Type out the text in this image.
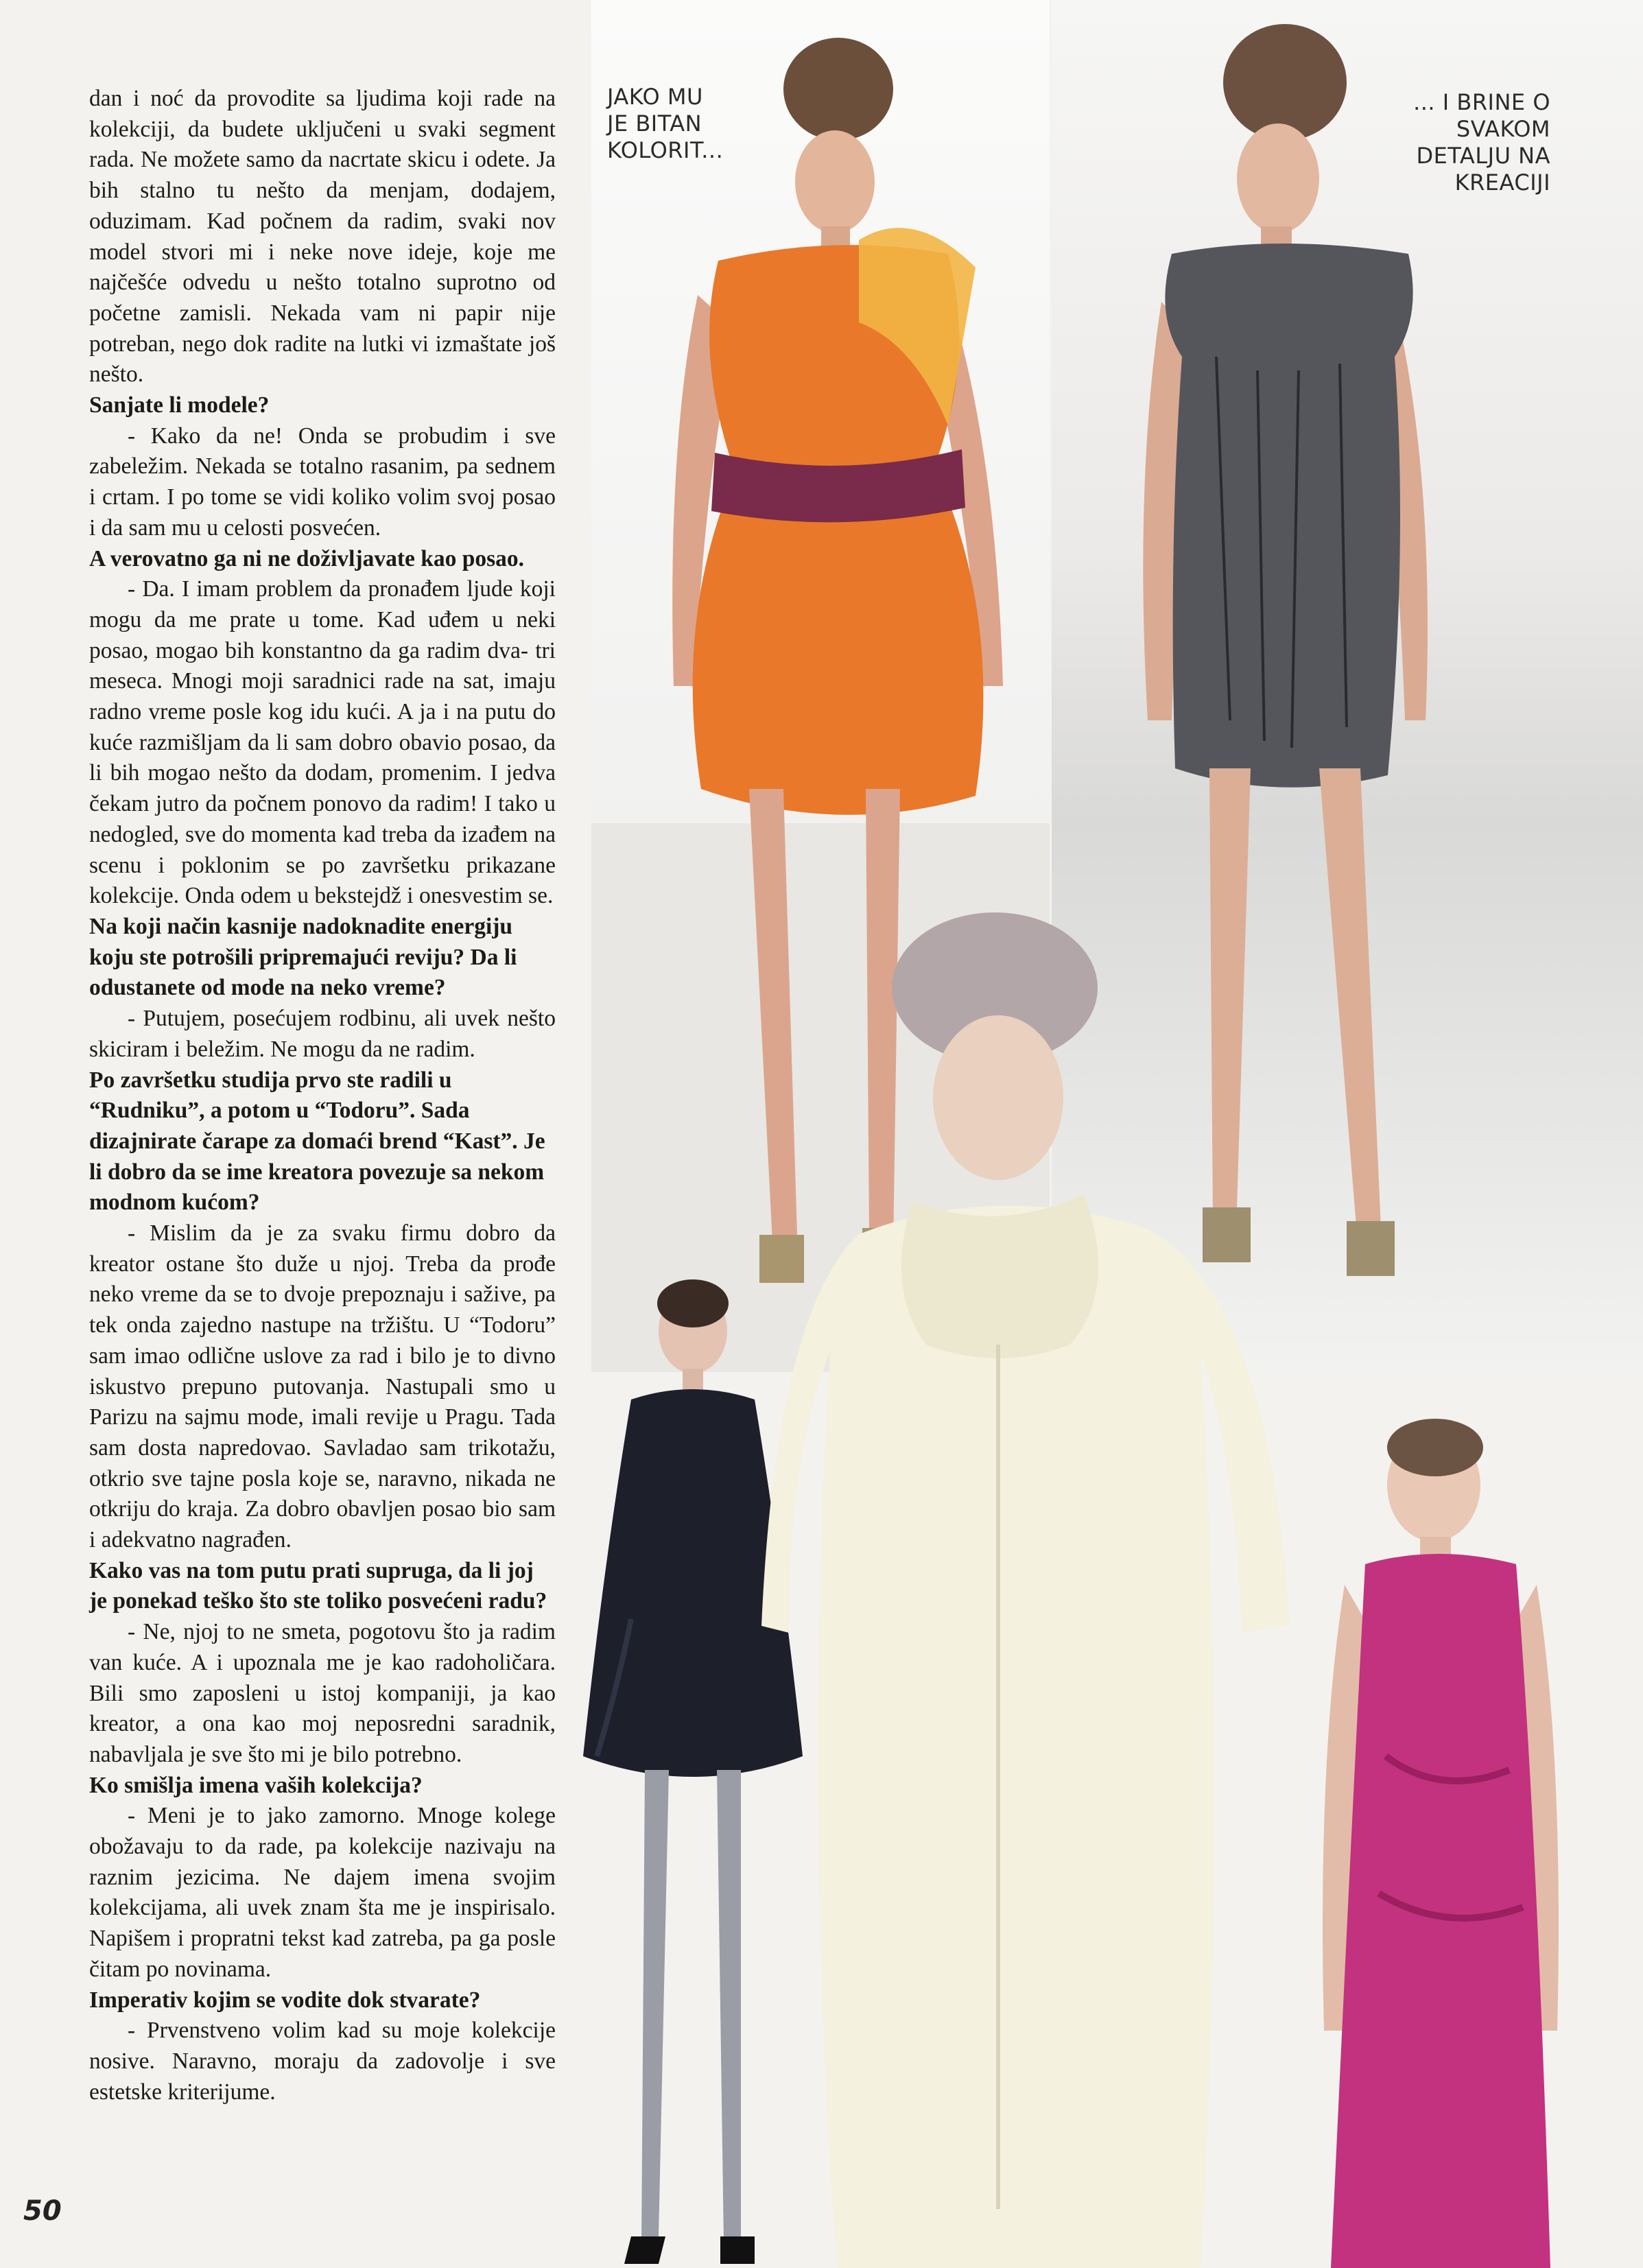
JAKO MU
JE BITAN
KOLORIT...
... I BRINE O
SVAKOM
DETALJU NA
KREACIJI

dan i noć da provodite sa ljudima koji rade na kolekciji, da budete uključeni u svaki segment rada. Ne možete samo da nacrtate skicu i odete. Ja bih stalno tu nešto da menjam, dodajem, oduzimam. Kad počnem da radim, svaki nov model stvori mi i neke nove ideje, koje me najčešće odvedu u nešto totalno suprotno od početne zamisli. Nekada vam ni papir nije potreban, nego dok radite na lutki vi izmaštate još nešto.

Sanjate li modele?

- Kako da ne! Onda se probudim i sve zabeležim. Nekada se totalno rasanim, pa sednem i crtam. I po tome se vidi koliko volim svoj posao i da sam mu u celosti posvećen.

A verovatno ga ni ne doživljavate kao posao.

- Da. I imam problem da pronađem ljude koji mogu da me prate u tome. Kad uđem u neki posao, mogao bih konstantno da ga radim dva- tri meseca. Mnogi moji saradnici rade na sat, imaju radno vreme posle kog idu kući. A ja i na putu do kuće razmišljam da li sam dobro obavio posao, da li bih mogao nešto da dodam, promenim. I jedva čekam jutro da počnem ponovo da radim! I tako u nedogled, sve do momenta kad treba da izađem na scenu i poklonim se po završetku prikazane kolekcije. Onda odem u bekstejdž i onesvestim se.

Na koji način kasnije nadoknadite energiju koju ste potrošili pripremajući reviju? Da li odustanete od mode na neko vreme?

- Putujem, posećujem rodbinu, ali uvek nešto skiciram i beležim. Ne mogu da ne radim.

Po završetku studija prvo ste radili u “Rudniku”, a potom u “Todoru”. Sada dizajnirate čarape za domaći brend “Kast”. Je li dobro da se ime kreatora povezuje sa nekom modnom kućom?

- Mislim da je za svaku firmu dobro da kreator ostane što duže u njoj. Treba da prođe neko vreme da se to dvoje prepoznaju i saživе, pa tek onda zajedno nastupe na tržištu. U “Todoru” sam imao odlične uslove za rad i bilo je to divno iskustvo prepuno putovanja. Nastupali smo u Parizu na sajmu mode, imali revije u Pragu. Tada sam dosta napredovao. Savladao sam trikotažu, otkrio sve tajne posla koje se, naravno, nikada ne otkriju do kraja. Za dobro obavljen posao bio sam i adekvatno nagrađen.

Kako vas na tom putu prati supruga, da li joj je ponekad teško što ste toliko posvećeni radu?

- Ne, njoj to ne smeta, pogotovu što ja radim van kuće. A i upoznala me je kao radoholičara. Bili smo zaposleni u istoj kompaniji, ja kao kreator, a ona kao moj neposredni saradnik, nabavljala je sve što mi je bilo potrebno.

Ko smišlja imena vaših kolekcija?

- Meni je to jako zamorno. Mnoge kolege obožavaju to da rade, pa kolekcije nazivaju na raznim jezicima. Ne dajem imena svojim kolekcijama, ali uvek znam šta me je inspirisalo. Napišem i propratni tekst kad zatreba, pa ga posle čitam po novinama.

Imperativ kojim se vodite dok stvarate?

- Prvenstveno volim kad su moje kolekcije nosive. Naravno, moraju da zadovolje i sve estetske kriterijume.

50
